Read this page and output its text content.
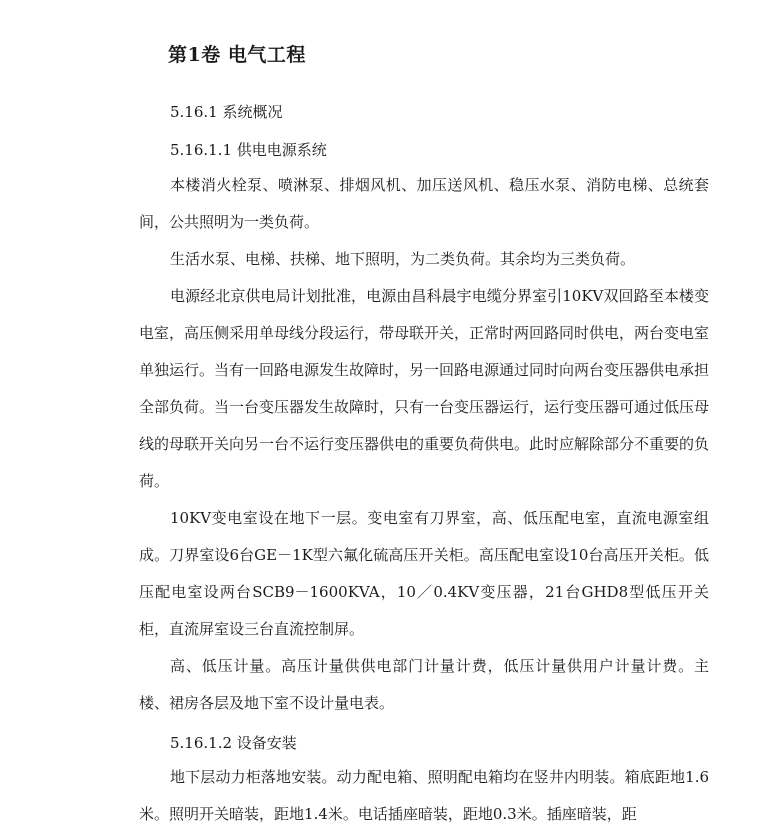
第1卷 电气工程
5.16.1 系统概况
5.16.1.1 供电电源系统

本楼消火栓泵、喷淋泵、排烟风机、加压送风机、稳压水泵、消防电梯、总统套间，公共照明为一类负荷。

生活水泵、电梯、扶梯、地下照明，为二类负荷。其余均为三类负荷。

电源经北京供电局计划批准，电源由昌科晨宇电缆分界室引10KV双回路至本楼变电室，高压侧采用单母线分段运行，带母联开关，正常时两回路同时供电，两台变电室单独运行。当有一回路电源发生故障时，另一回路电源通过同时向两台变压器供电承担全部负荷。当一台变压器发生故障时，只有一台变压器运行，运行变压器可通过低压母线的母联开关向另一台不运行变压器供电的重要负荷供电。此时应解除部分不重要的负荷。

10KV变电室设在地下一层。变电室有刀界室，高、低压配电室，直流电源室组成。刀界室设6台GE－1K型六氟化硫高压开关柜。高压配电室设10台高压开关柜。低压配电室设两台SCB9－1600KVA，10／0.4KV变压器，21台GHD8型低压开关柜，直流屏室设三台直流控制屏。

高、低压计量。高压计量供供电部门计量计费，低压计量供用户计量计费。主楼、裙房各层及地下室不设计量电表。

5.16.1.2 设备安装

地下层动力柜落地安装。动力配电箱、照明配电箱均在竖井内明装。箱底距地1.6米。照明开关暗装，距地1.4米。电话插座暗装，距地0.3米。插座暗装，距
